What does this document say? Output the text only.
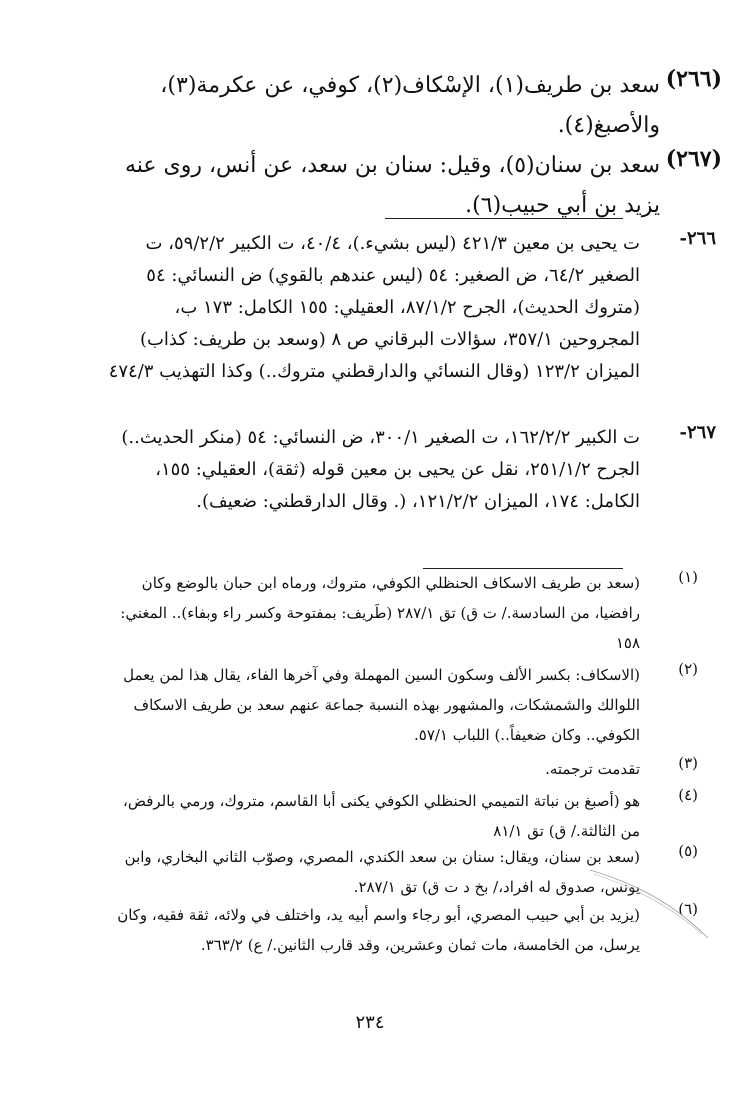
(٢٦٦)
سعد بن طريف(١)، الإسْكاف(٢)، كوفي، عن عكرمة(٣)، والأصبغ(٤).
(٢٦٧)
سعد بن سنان(٥)، وقيل: سنان بن سعد، عن أنس، روى عنه يزيد بن أبي حبيب(٦).
٢٦٦-
ت يحيى بن معين ٤٢١/٣ (ليس بشيء.)، ٤٠/٤، ت الكبير ٥٩/٢/٢، ت الصغير ٦٤/٢، ض الصغير: ٥٤ (ليس عندهم بالقوي) ض النسائي: ٥٤ (متروك الحديث)، الجرح ٨٧/١/٢، العقيلي: ١٥٥ الكامل: ١٧٣ ب، المجروحين ٣٥٧/١، سؤالات البرقاني ص ٨ (وسعد بن طريف: كذاب) الميزان ١٢٣/٢ (وقال النسائي والدارقطني متروك..) وكذا التهذيب ٤٧٤/٣
٢٦٧-
ت الكبير ١٦٢/٢/٢، ت الصغير ٣٠٠/١، ض النسائي: ٥٤ (منكر الحديث..) الجرح ٢٥١/١/٢، نقل عن يحيى بن معين قوله (ثقة)، العقيلي: ١٥٥، الكامل: ١٧٤، الميزان ١٢١/٢/٢، (. وقال الدارقطني: ضعيف).
(١)
(سعد بن طريف الاسكاف الحنظلي الكوفي، متروك، ورماه ابن حبان بالوضع وكان رافضيا، من السادسة./ ت ق) تق ٢٨٧/١ (طَريف: بمفتوحة وكسر راء وبفاء).. المغني: ١٥٨
(٢)
(الاسكاف: بكسر الألف وسكون السين المهملة وفي آخرها الفاء، يقال هذا لمن يعمل اللوالك والشمشكات، والمشهور بهذه النسبة جماعة عنهم سعد بن طريف الاسكاف الكوفي.. وكان ضعيفاً..) اللباب ٥٧/١.
(٣)
تقدمت ترجمته.
(٤)
هو (أصبغ بن نباتة التميمي الحنظلي الكوفي يكنى أبا القاسم، متروك، ورمي بالرفض، من الثالثة./ ق) تق ٨١/١
(٥)
(سعد بن سنان، ويقال: سنان بن سعد الكندي، المصري، وصوّب الثاني البخاري، وابن يونس، صدوق له افراد،/ بخ د ت ق) تق ٢٨٧/١.
(٦)
(يزيد بن أبي حبيب المصري، أبو رجاء واسم أبيه يد، واختلف في ولائه، ثقة فقيه، وكان يرسل، من الخامسة، مات ثمان وعشرين، وقد قارب الثانين./ ع) ٣٦٣/٢.
٢٣٤
